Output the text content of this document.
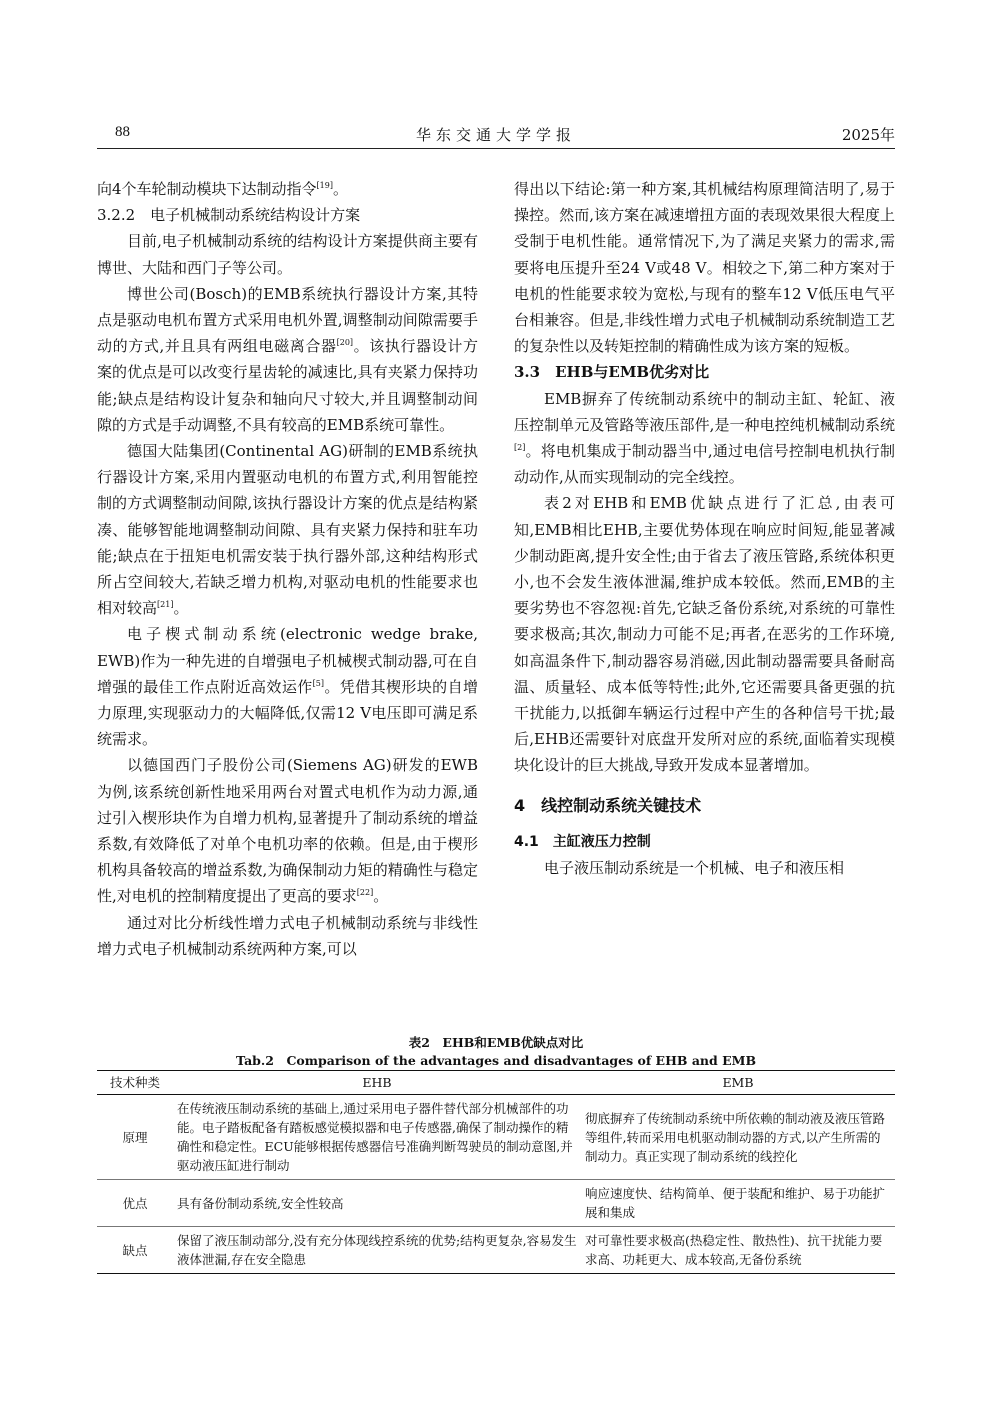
88	华东交通大学学报	2025年

向4个车轮制动模块下达制动指令[19]。

3.2.2　电子机械制动系统结构设计方案

目前,电子机械制动系统的结构设计方案提供商主要有博世、大陆和西门子等公司。

博世公司(Bosch)的EMB系统执行器设计方案,其特点是驱动电机布置方式采用电机外置,调整制动间隙需要手动的方式,并且具有两组电磁离合器[20]。该执行器设计方案的优点是可以改变行星齿轮的减速比,具有夹紧力保持功能;缺点是结构设计复杂和轴向尺寸较大,并且调整制动间隙的方式是手动调整,不具有较高的EMB系统可靠性。

德国大陆集团(Continental AG)研制的EMB系统执行器设计方案,采用内置驱动电机的布置方式,利用智能控制的方式调整制动间隙,该执行器设计方案的优点是结构紧凑、能够智能地调整制动间隙、具有夹紧力保持和驻车功能;缺点在于扭矩电机需安装于执行器外部,这种结构形式所占空间较大,若缺乏增力机构,对驱动电机的性能要求也相对较高[21]。

电子楔式制动系统(electronic wedge brake, EWB)作为一种先进的自增强电子机械楔式制动器,可在自增强的最佳工作点附近高效运作[5]。凭借其楔形块的自增力原理,实现驱动力的大幅降低,仅需12 V电压即可满足系统需求。

以德国西门子股份公司(Siemens AG)研发的EWB为例,该系统创新性地采用两台对置式电机作为动力源,通过引入楔形块作为自增力机构,显著提升了制动系统的增益系数,有效降低了对单个电机功率的依赖。但是,由于楔形机构具备较高的增益系数,为确保制动力矩的精确性与稳定性,对电机的控制精度提出了更高的要求[22]。

通过对比分析线性增力式电子机械制动系统与非线性增力式电子机械制动系统两种方案,可以

得出以下结论:第一种方案,其机械结构原理简洁明了,易于操控。然而,该方案在减速增扭方面的表现效果很大程度上受制于电机性能。通常情况下,为了满足夹紧力的需求,需要将电压提升至24 V或48 V。相较之下,第二种方案对于电机的性能要求较为宽松,与现有的整车12 V低压电气平台相兼容。但是,非线性增力式电子机械制动系统制造工艺的复杂性以及转矩控制的精确性成为该方案的短板。

3.3　EHB与EMB优劣对比

EMB摒弃了传统制动系统中的制动主缸、轮缸、液压控制单元及管路等液压部件,是一种电控纯机械制动系统[2]。将电机集成于制动器当中,通过电信号控制电机执行制动动作,从而实现制动的完全线控。

表2对EHB和EMB优缺点进行了汇总,由表可知,EMB相比EHB,主要优势体现在响应时间短,能显著减少制动距离,提升安全性;由于省去了液压管路,系统体积更小,也不会发生液体泄漏,维护成本较低。然而,EMB的主要劣势也不容忽视:首先,它缺乏备份系统,对系统的可靠性要求极高;其次,制动力可能不足;再者,在恶劣的工作环境,如高温条件下,制动器容易消磁,因此制动器需要具备耐高温、质量轻、成本低等特性;此外,它还需要具备更强的抗干扰能力,以抵御车辆运行过程中产生的各种信号干扰;最后,EHB还需要针对底盘开发所对应的系统,面临着实现模块化设计的巨大挑战,导致开发成本显著增加。

4　线控制动系统关键技术

4.1　主缸液压力控制

电子液压制动系统是一个机械、电子和液压相

表2　EHB和EMB优缺点对比
Tab.2　Comparison of the advantages and disadvantages of EHB and EMB
技术种类	EHB	EMB
原理	在传统液压制动系统的基础上,通过采用电子器件替代部分机械部件的功能。电子踏板配备有踏板感觉模拟器和电子传感器,确保了制动操作的精确性和稳定性。ECU能够根据传感器信号准确判断驾驶员的制动意图,并驱动液压缸进行制动	彻底摒弃了传统制动系统中所依赖的制动液及液压管路等组件,转而采用电机驱动制动器的方式,以产生所需的制动力。真正实现了制动系统的线控化
优点	具有备份制动系统,安全性较高	响应速度快、结构简单、便于装配和维护、易于功能扩展和集成
缺点	保留了液压制动部分,没有充分体现线控系统的优势;结构更复杂,容易发生液体泄漏,存在安全隐患	对可靠性要求极高(热稳定性、散热性)、抗干扰能力要求高、功耗更大、成本较高,无备份系统
